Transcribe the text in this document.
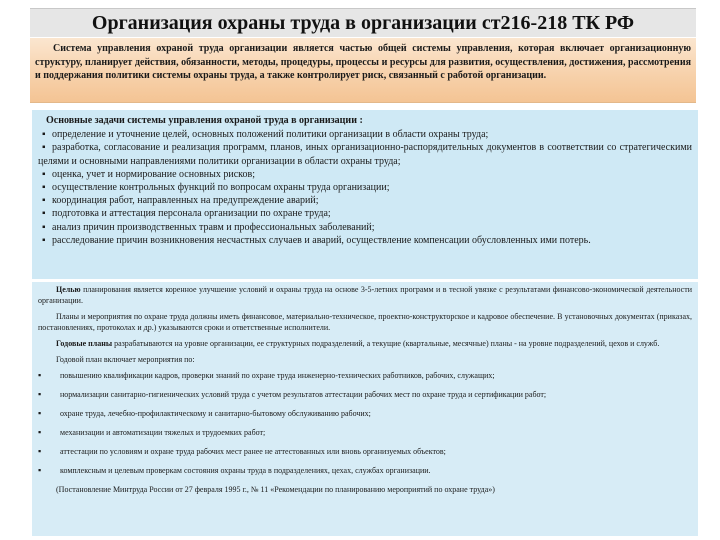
Организация охраны труда в организации ст216-218 ТК РФ

Система управления охраной труда организации является частью общей системы управления, которая включает организационную структуру, планирует действия, обязанности, методы, процедуры, процессы и ресурсы для развития, осуществления, достижения, рассмотрения и поддержания политики системы охраны труда, а также контролирует риск, связанный с работой организации.

Основные задачи системы управления охраной труда в организации :
▪ определение и уточнение целей, основных положений политики организации в области охраны труда;
▪ разработка, согласование и реализация программ, планов, иных организационно-распорядительных документов в соответствии со стратегическими целями и основными направлениями политики организации в области охраны труда;
▪ оценка, учет и нормирование основных рисков;
▪ осуществление контрольных функций по вопросам охраны труда организации;
▪ координация работ, направленных на предупреждение аварий;
▪ подготовка и аттестация персонала организации по охране труда;
▪ анализ причин производственных травм и профессиональных заболеваний;
▪ расследование причин возникновения несчастных случаев и аварий, осуществление компенсации обусловленных ими потерь.

Целью планирования является коренное улучшение условий и охраны труда на основе 3-5-летних программ и в тесной увязке с результатами финансово-экономической деятельности организации.

Планы и мероприятия по охране труда должны иметь финансовое, материально-техническое, проектно-конструкторское и кадровое обеспечение. В установочных документах (приказах, постановлениях, протоколах и др.) указываются сроки и ответственные исполнители.

Годовые планы разрабатываются на уровне организации, ее структурных подразделений, а текущие (квартальные, месячные) планы - на уровне подразделений, цехов и служб.

Годовой план включает мероприятия по:

▪	повышению квалификации кадров, проверки знаний по охране труда инженерно-технических работников, рабочих, служащих;
▪	нормализации санитарно-гигиенических условий труда с учетом результатов аттестации рабочих мест по охране труда и сертификации работ;
▪	охране труда, лечебно-профилактическому и санитарно-бытовому обслуживанию рабочих;
▪	механизации и автоматизации тяжелых и трудоемких работ;
▪	аттестации по условиям и охране труда рабочих мест ранее не аттестованных или вновь организуемых объектов;
▪	комплексным и целевым проверкам состояния охраны труда в подразделениях, цехах, службах организации.

(Постановление Минтруда России от 27 февраля 1995 г., № 11 «Рекомендации по планированию мероприятий по охране труда»)
